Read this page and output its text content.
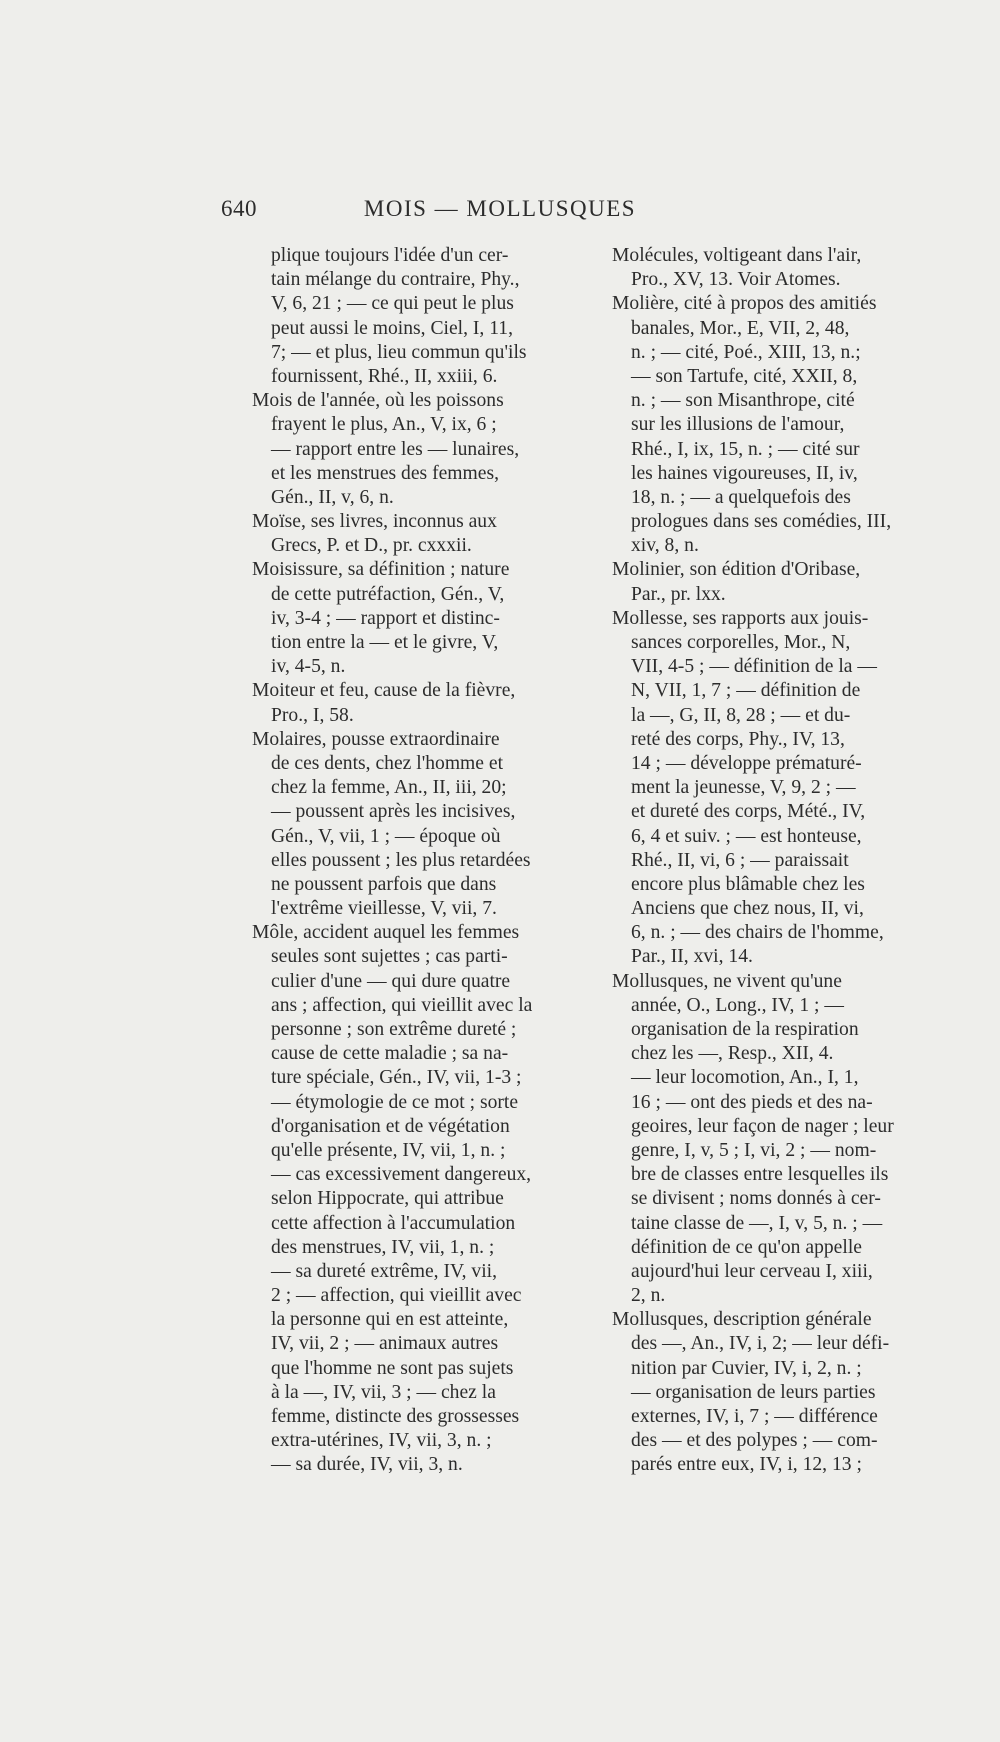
640	MOIS — MOLLUSQUES
plique toujours l'idée d'un cer-
tain mélange du contraire, Phy.,
V, 6, 21 ; — ce qui peut le plus
peut aussi le moins, Ciel, I, 11,
7; — et plus, lieu commun qu'ils
fournissent, Rhé., II, xxiii, 6.
Mois de l'année, où les poissons
frayent le plus, An., V, ix, 6 ;
— rapport entre les — lunaires,
et les menstrues des femmes,
Gén., II, v, 6, n.
Moïse, ses livres, inconnus aux
Grecs, P. et D., pr. cxxxii.
Moisissure, sa définition ; nature
de cette putréfaction, Gén., V,
iv, 3-4 ; — rapport et distinc-
tion entre la — et le givre, V,
iv, 4-5, n.
Moiteur et feu, cause de la fièvre,
Pro., I, 58.
Molaires, pousse extraordinaire
de ces dents, chez l'homme et
chez la femme, An., II, iii, 20;
— poussent après les incisives,
Gén., V, vii, 1 ; — époque où
elles poussent ; les plus retardées
ne poussent parfois que dans
l'extrême vieillesse, V, vii, 7.
Môle, accident auquel les femmes
seules sont sujettes ; cas parti-
culier d'une — qui dure quatre
ans ; affection, qui vieillit avec la
personne ; son extrême dureté ;
cause de cette maladie ; sa na-
ture spéciale, Gén., IV, vii, 1-3 ;
— étymologie de ce mot ; sorte
d'organisation et de végétation
qu'elle présente, IV, vii, 1, n. ;
— cas excessivement dangereux,
selon Hippocrate, qui attribue
cette affection à l'accumulation
des menstrues, IV, vii, 1, n. ;
— sa dureté extrême, IV, vii,
2 ; — affection, qui vieillit avec
la personne qui en est atteinte,
IV, vii, 2 ; — animaux autres
que l'homme ne sont pas sujets
à la —, IV, vii, 3 ; — chez la
femme, distincte des grossesses
extra-utérines, IV, vii, 3, n. ;
— sa durée, IV, vii, 3, n.
Molécules, voltigeant dans l'air,
Pro., XV, 13. Voir Atomes.
Molière, cité à propos des amitiés
banales, Mor., E, VII, 2, 48,
n. ; — cité, Poé., XIII, 13, n.;
— son Tartufe, cité, XXII, 8,
n. ; — son Misanthrope, cité
sur les illusions de l'amour,
Rhé., I, ix, 15, n. ; — cité sur
les haines vigoureuses, II, iv,
18, n. ; — a quelquefois des
prologues dans ses comédies, III,
xiv, 8, n.
Molinier, son édition d'Oribase,
Par., pr. lxx.
Mollesse, ses rapports aux jouis-
sances corporelles, Mor., N,
VII, 4-5 ; — définition de la —
N, VII, 1, 7 ; — définition de
la —, G, II, 8, 28 ; — et du-
reté des corps, Phy., IV, 13,
14 ; — développe prématuré-
ment la jeunesse, V, 9, 2 ; —
et dureté des corps, Mété., IV,
6, 4 et suiv. ; — est honteuse,
Rhé., II, vi, 6 ; — paraissait
encore plus blâmable chez les
Anciens que chez nous, II, vi,
6, n. ; — des chairs de l'homme,
Par., II, xvi, 14.
Mollusques, ne vivent qu'une
année, O., Long., IV, 1 ; —
organisation de la respiration
chez les —, Resp., XII, 4.
— leur locomotion, An., I, 1,
16 ; — ont des pieds et des na-
geoires, leur façon de nager ; leur
genre, I, v, 5 ; I, vi, 2 ; — nom-
bre de classes entre lesquelles ils
se divisent ; noms donnés à cer-
taine classe de —, I, v, 5, n. ; —
définition de ce qu'on appelle
aujourd'hui leur cerveau I, xiii,
2, n.
Mollusques, description générale
des —, An., IV, i, 2; — leur défi-
nition par Cuvier, IV, i, 2, n. ;
— organisation de leurs parties
externes, IV, i, 7 ; — différence
des — et des polypes ; — com-
parés entre eux, IV, i, 12, 13 ;
